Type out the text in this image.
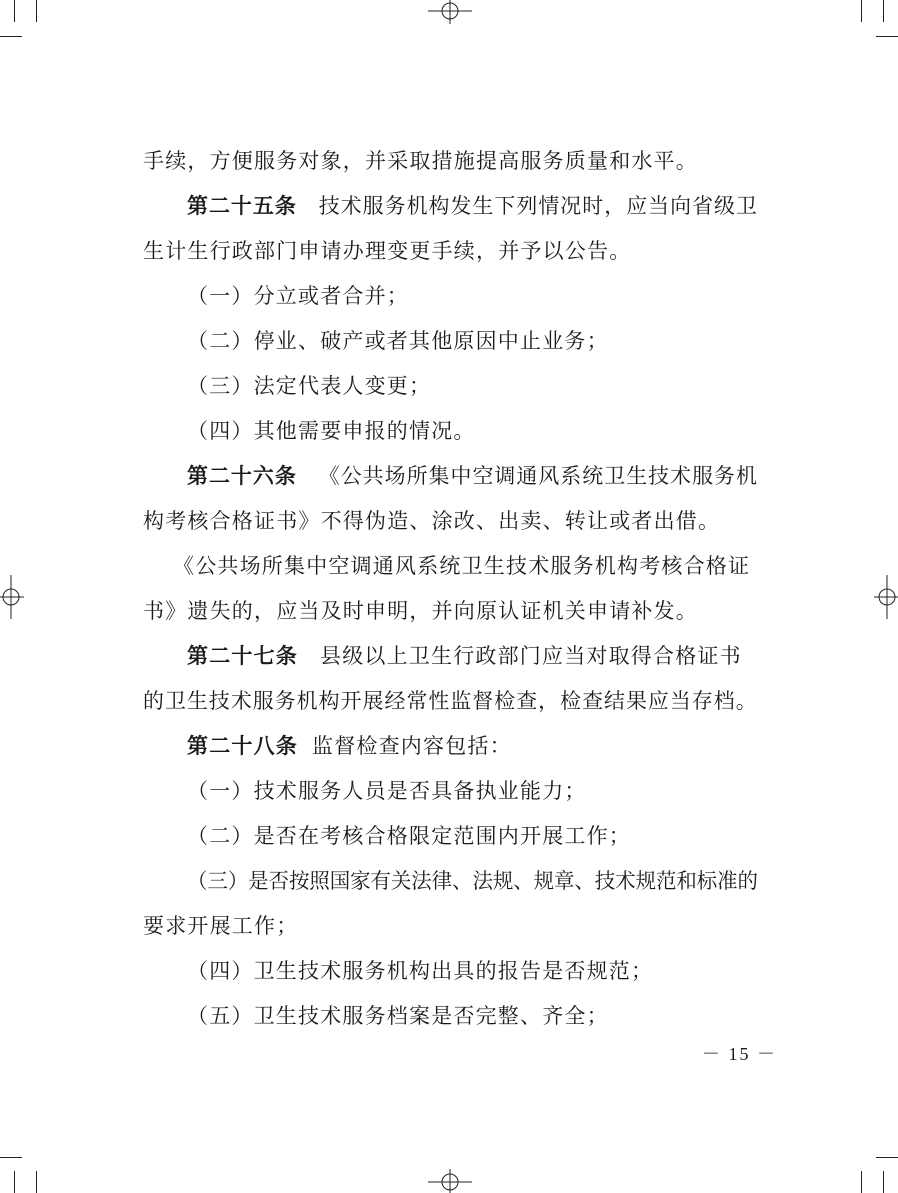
手续，方便服务对象，并采取措施提高服务质量和水平。
第二十五条 技术服务机构发生下列情况时，应当向省级卫
生计生行政部门申请办理变更手续，并予以公告。
（一）分立或者合并；
（二）停业、破产或者其他原因中止业务；
（三）法定代表人变更；
（四）其他需要申报的情况。
第二十六条 《公共场所集中空调通风系统卫生技术服务机
构考核合格证书》不得伪造、涂改、出卖、转让或者出借。
《公共场所集中空调通风系统卫生技术服务机构考核合格证
书》遗失的，应当及时申明，并向原认证机关申请补发。
第二十七条 县级以上卫生行政部门应当对取得合格证书
的卫生技术服务机构开展经常性监督检查，检查结果应当存档。
第二十八条 监督检查内容包括：
（一）技术服务人员是否具备执业能力；
（二）是否在考核合格限定范围内开展工作；
（三）是否按照国家有关法律、法规、规章、技术规范和标准的
要求开展工作；
（四）卫生技术服务机构出具的报告是否规范；
（五）卫生技术服务档案是否完整、齐全；
－ 15 －
